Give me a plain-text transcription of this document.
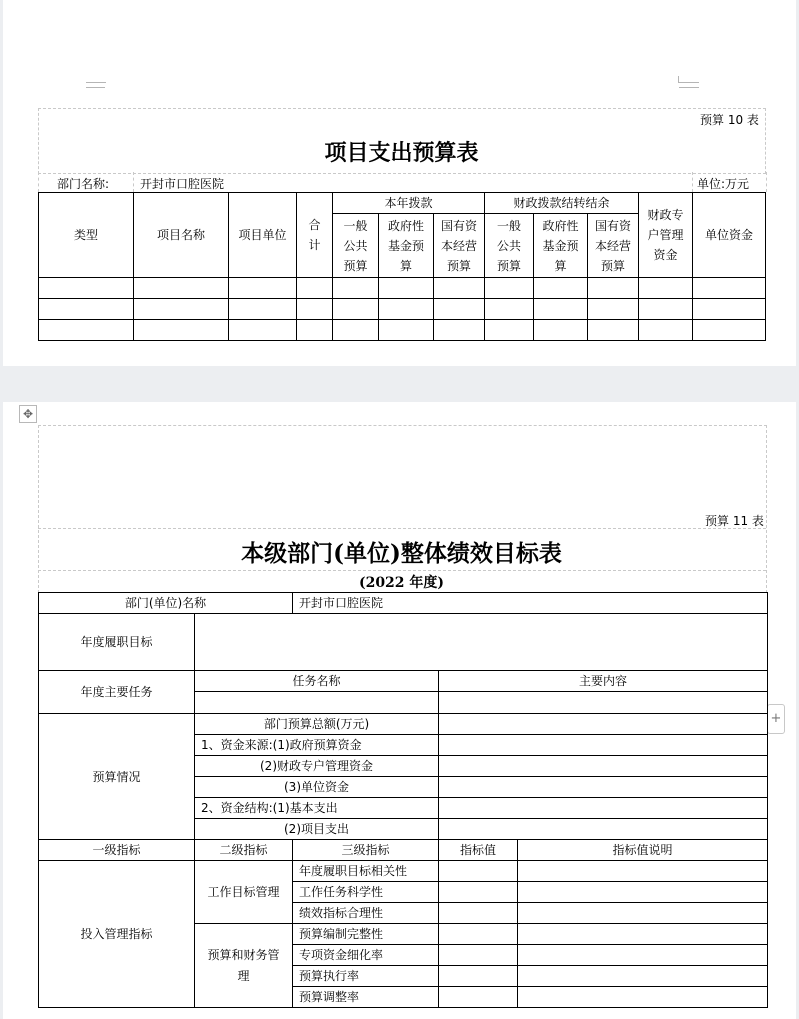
✥
+
预算 10 表
项目支出预算表
部门名称:	开封市口腔医院	单位:万元
类型	项目名称	项目单位	合计	本年拨款			财政拨款结转结余			财政专户管理资金	单位资金

				一般公共预算	政府性基金预算	国有资本经营预算	一般公共预算	政府性基金预算	国有资本经营预算		

预算 11 表
本级部门(单位)整体绩效目标表
(2022 年度)
部门(单位)名称		开封市口腔医院		
年度履职目标				
年度主要任务	任务名称		主要内容	

预算情况	部门预算总额(万元)			
	1、资金来源:(1)政府预算资金			
	(2)财政专户管理资金			
	(3)单位资金			
	2、资金结构:(1)基本支出			
	(2)项目支出			
一级指标	二级指标	三级指标	指标值	指标值说明
投入管理指标	工作目标管理	年度履职目标相关性		
		工作任务科学性		
		绩效指标合理性		

	预算和财务管理	预算编制完整性		
		专项资金细化率		
		预算执行率		
		预算调整率		
